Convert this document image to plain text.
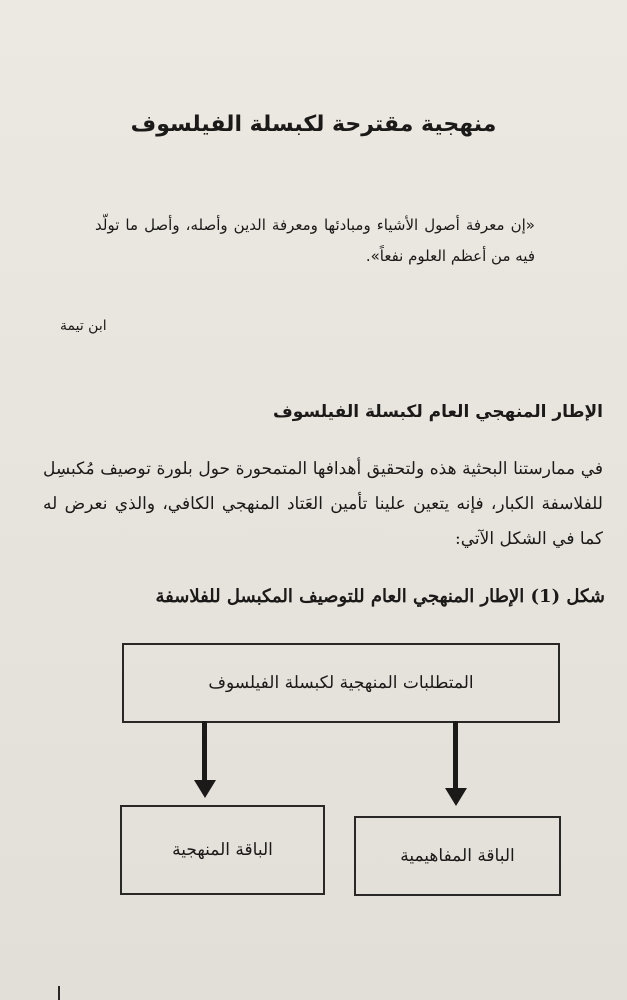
منهجية مقترحة لكبسلة الفيلسوف
«إن معرفة أصول الأشياء ومبادئها ومعرفة الدين وأصله، وأصل ما تولّد فيه من أعظم العلوم نفعاً».
ابن تيمة
الإطار المنهجي العام لكبسلة الفيلسوف
في ممارستنا البحثية هذه ولتحقيق أهدافها المتمحورة حول بلورة توصيف مُكبسِل للفلاسفة الكبار، فإنه يتعين علينا تأمين العَتاد المنهجي الكافي، والذي نعرض له كما في الشكل الآتي:
شكل (1) الإطار المنهجي العام للتوصيف المكبسل للفلاسفة
المتطلبات المنهجية لكبسلة الفيلسوف
الباقة المفاهيمية
الباقة المنهجية
